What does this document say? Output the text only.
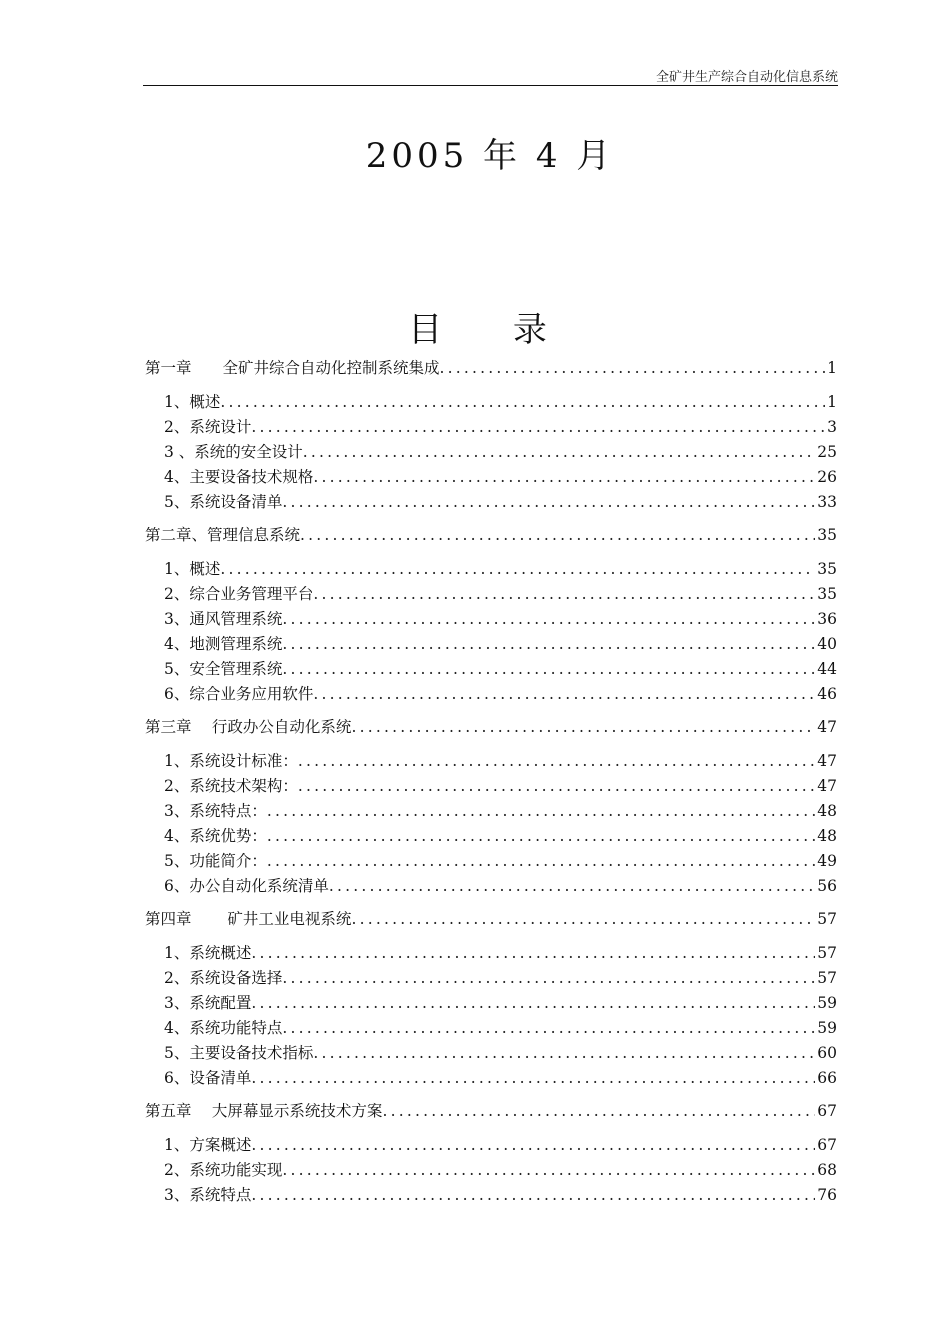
全矿井生产综合自动化信息系统
2005 年 4 月
目 录
第一章　　全矿井综合自动化控制系统集成 .....	1
1、概述 .....	1
2、系统设计 .....	3
3 、系统的安全设计 .....	25
4、主要设备技术规格 .....	26
5、系统设备清单 .....	33
第二章、管理信息系统 .....	35
1、概述 .....	35
2、综合业务管理平台 .....	35
3、通风管理系统 .....	36
4、地测管理系统 .....	40
5、安全管理系统 .....	44
6、综合业务应用软件 .....	46
第三章　 行政办公自动化系统 .....	47
1、系统设计标准： .....	47
2、系统技术架构： .....	47
3、系统特点： .....	48
4、系统优势： .....	48
5、功能简介： .....	49
6、办公自动化系统清单 .....	56
第四章　　 矿井工业电视系统 .....	57
1、系统概述 .....	57
2、系统设备选择 .....	57
3、系统配置 .....	59
4、系统功能特点 .....	59
5、主要设备技术指标 .....	60
6、设备清单 .....	66
第五章　 大屏幕显示系统技术方案 .....	67
1、方案概述 .....	67
2、系统功能实现 .....	68
3、系统特点 .....	76
